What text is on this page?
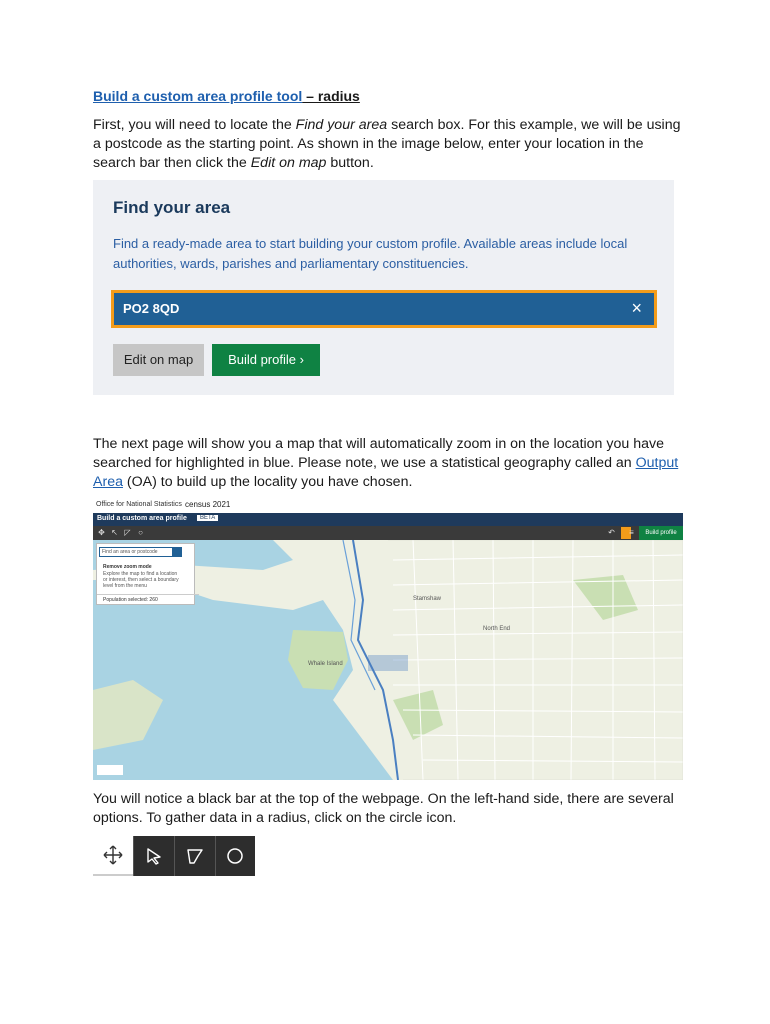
Build a custom area profile tool – radius
First, you will need to locate the Find your area search box. For this example, we will be using a postcode as the starting point. As shown in the image below, enter your location in the search bar then click the Edit on map button.
Find your area
Find a ready-made area to start building your custom profile. Available areas include local authorities, wards, parishes and parliamentary constituencies.
PO2 8QD	×
Edit on map	Build profile ›
The next page will show you a map that will automatically zoom in on the location you have searched for highlighted in blue. Please note, we use a statistical geography called an Output Area (OA) to build up the locality you have chosen.
Office for National Statistics census 2021
Build a custom area profile	BETA
✥ ↖ ◸ ○	↶	≡	Build profile
Whale Island
North End
Stamshaw
Find an area or postcode
Remove zoom mode
Explore the map to find a location or interest, then select a boundary level from the menu
Population selected: 260
You will notice a black bar at the top of the webpage. On the left-hand side, there are several options. To gather data in a radius, click on the circle icon.
